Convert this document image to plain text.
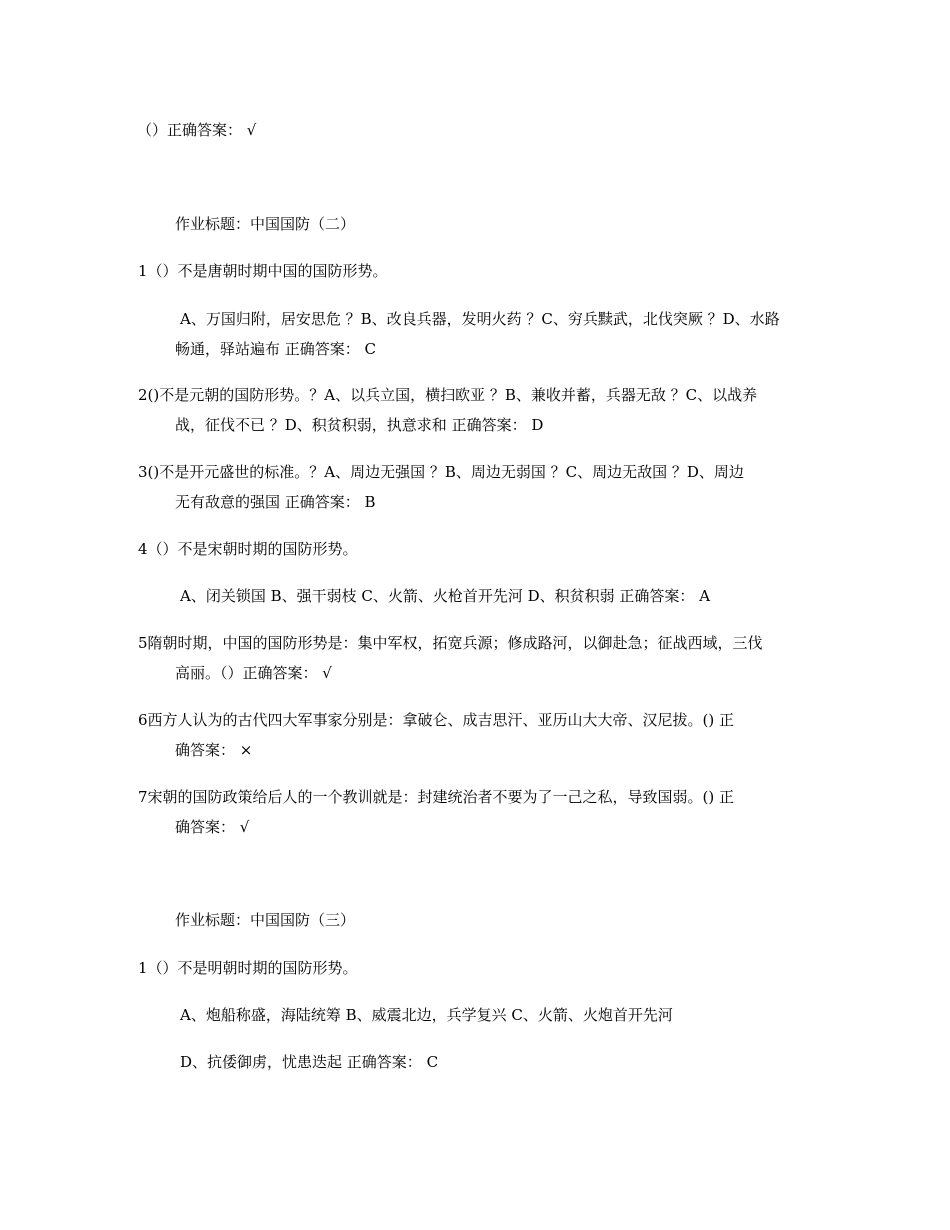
（）正确答案： √
作业标题：中国国防（二）
1（）不是唐朝时期中国的国防形势。
A、万国归附，居安思危 ？B、改良兵器，发明火药 ？C、穷兵黩武，北伐突厥 ？D、水路
畅通，驿站遍布 正确答案： C
2()不是元朝的国防形势。？A、以兵立国，横扫欧亚 ？B、兼收并蓄，兵器无敌 ？C、以战养
战，征伐不已 ？D、积贫积弱，执意求和 正确答案： D
3()不是开元盛世的标准。？A、周边无强国 ？B、周边无弱国 ？C、周边无敌国 ？D、周边
无有敌意的强国 正确答案： B
4（）不是宋朝时期的国防形势。
A、闭关锁国 B、强干弱枝 C、火箭、火枪首开先河 D、积贫积弱 正确答案： A
5隋朝时期，中国的国防形势是：集中军权，拓宽兵源；修成路河，以御赴急；征战西域，三伐
高丽。（）正确答案： √
6西方人认为的古代四大军事家分别是：拿破仑、成吉思汗、亚历山大大帝、汉尼拔。() 正
确答案： ×
7宋朝的国防政策给后人的一个教训就是：封建统治者不要为了一己之私，导致国弱。() 正
确答案： √
作业标题：中国国防（三）
1（）不是明朝时期的国防形势。
A、炮船称盛，海陆统筹 B、威震北边，兵学复兴 C、火箭、火炮首开先河
D、抗倭御虏，忧患迭起 正确答案： C
